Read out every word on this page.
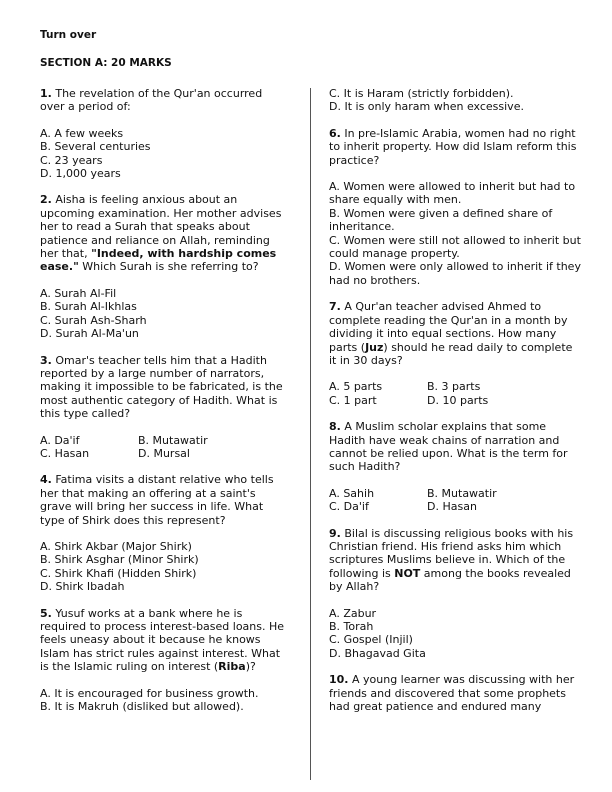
Turn over
SECTION A: 20 MARKS

1. The revelation of the Qur'an occurred over a period of:

A. A few weeks

B. Several centuries

C. 23 years

D. 1,000 years

2. Aisha is feeling anxious about an upcoming examination. Her mother advises her to read a Surah that speaks about patience and reliance on Allah, reminding her that, "Indeed, with hardship comes ease." Which Surah is she referring to?

A. Surah Al-Fil

B. Surah Al-Ikhlas

C. Surah Ash-Sharh

D. Surah Al-Ma'un

3. Omar's teacher tells him that a Hadith reported by a large number of narrators, making it impossible to be fabricated, is the most authentic category of Hadith. What is this type called?

A. Da'if	B. Mutawatir
C. Hasan	D. Mursal

4. Fatima visits a distant relative who tells her that making an offering at a saint's grave will bring her success in life. What type of Shirk does this represent?

A. Shirk Akbar (Major Shirk)

B. Shirk Asghar (Minor Shirk)

C. Shirk Khafi (Hidden Shirk)

D. Shirk Ibadah

5. Yusuf works at a bank where he is required to process interest-based loans. He feels uneasy about it because he knows Islam has strict rules against interest. What is the Islamic ruling on interest (Riba)?

A. It is encouraged for business growth.

B. It is Makruh (disliked but allowed).

C. It is Haram (strictly forbidden).

D. It is only haram when excessive.

6. In pre-Islamic Arabia, women had no right to inherit property. How did Islam reform this practice?

A. Women were allowed to inherit but had to share equally with men.

B. Women were given a defined share of inheritance.

C. Women were still not allowed to inherit but could manage property.

D. Women were only allowed to inherit if they had no brothers.

7. A Qur'an teacher advised Ahmed to complete reading the Qur'an in a month by dividing it into equal sections. How many parts (Juz) should he read daily to complete it in 30 days?

A. 5 parts	B. 3 parts
C. 1 part	D. 10 parts

8. A Muslim scholar explains that some Hadith have weak chains of narration and cannot be relied upon. What is the term for such Hadith?

A. Sahih	B. Mutawatir
C. Da'if	D. Hasan

9. Bilal is discussing religious books with his Christian friend. His friend asks him which scriptures Muslims believe in. Which of the following is NOT among the books revealed by Allah?

A. Zabur

B. Torah

C. Gospel (Injil)

D. Bhagavad Gita

10. A young learner was discussing with her friends and discovered that some prophets had great patience and endured many
